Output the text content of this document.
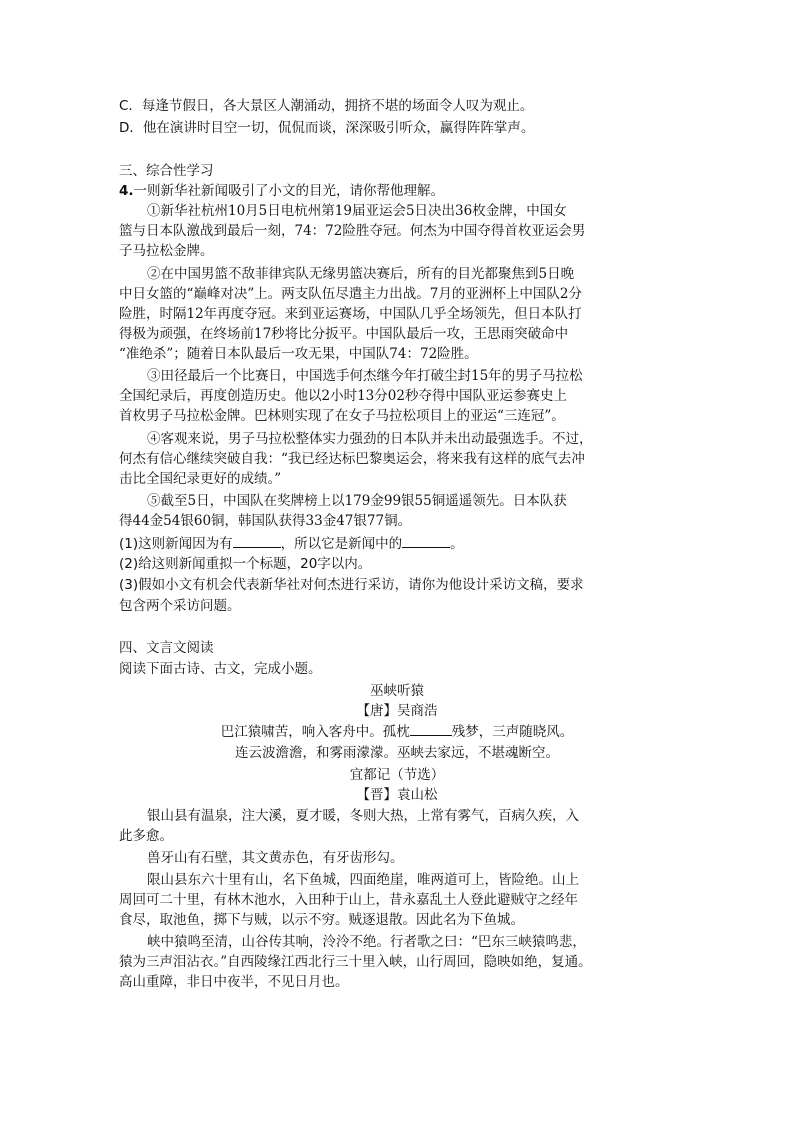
C．每逢节假日，各大景区人潮涌动，拥挤不堪的场面令人叹为观止。
D．他在演讲时目空一切，侃侃而谈，深深吸引听众，赢得阵阵掌声。
三、综合性学习
4.一则新华社新闻吸引了小文的目光，请你帮他理解。
①新华社杭州10月5日电杭州第19届亚运会5日决出36枚金牌，中国女
篮与日本队激战到最后一刻，74：72险胜夺冠。何杰为中国夺得首枚亚运会男
子马拉松金牌。
②在中国男篮不敌菲律宾队无缘男篮决赛后，所有的目光都聚焦到5日晚
中日女篮的“巅峰对决”上。两支队伍尽遣主力出战。7月的亚洲杯上中国队2分
险胜，时隔12年再度夺冠。来到亚运赛场，中国队几乎全场领先，但日本队打
得极为顽强，在终场前17秒将比分扳平。中国队最后一攻，王思雨突破命中
“准绝杀”；随着日本队最后一攻无果，中国队74：72险胜。
③田径最后一个比赛日，中国选手何杰继今年打破尘封15年的男子马拉松
全国纪录后，再度创造历史。他以2小时13分02秒夺得中国队亚运参赛史上
首枚男子马拉松金牌。巴林则实现了在女子马拉松项目上的亚运“三连冠”。
④客观来说，男子马拉松整体实力强劲的日本队并未出动最强选手。不过，
何杰有信心继续突破自我：“我已经达标巴黎奥运会，将来我有这样的底气去冲
击比全国纪录更好的成绩。”
⑤截至5日，中国队在奖牌榜上以179金99银55铜遥遥领先。日本队获
得44金54银60铜，韩国队获得33金47银77铜。
(1)这则新闻因为有	，所以它是新闻中的	。
(2)给这则新闻重拟一个标题，20字以内。
(3)假如小文有机会代表新华社对何杰进行采访，请你为他设计采访文稿，要求
包含两个采访问题。
四、文言文阅读
阅读下面古诗、古文，完成小题。
巫峡听猿
【唐】吴商浩
巴江猿啸苦，响入客舟中。孤枕	残梦，三声随晓风。
连云波澹澹，和雾雨濛濛。巫峡去家远，不堪魂断空。
宜都记（节选）
【晋】袁山松
银山县有温泉，注大溪，夏才暖，冬则大热，上常有雾气，百病久疾，入
此多愈。
兽牙山有石壁，其文黄赤色，有牙齿形勾。
限山县东六十里有山，名下鱼城，四面绝崖，唯两道可上，皆险绝。山上
周回可二十里，有林木池水，入田种于山上，昔永嘉乱土人登此避贼守之经年
食尽，取池鱼，掷下与贼，以示不穷。贼逐退散。因此名为下鱼城。
峡中猿鸣至清，山谷传其响，泠泠不绝。行者歌之曰：“巴东三峡猿鸣悲，
猿为三声泪沾衣。”自西陵缘江西北行三十里入峡，山行周回，隐映如绝，复通。
高山重障，非日中夜半，不见日月也。
